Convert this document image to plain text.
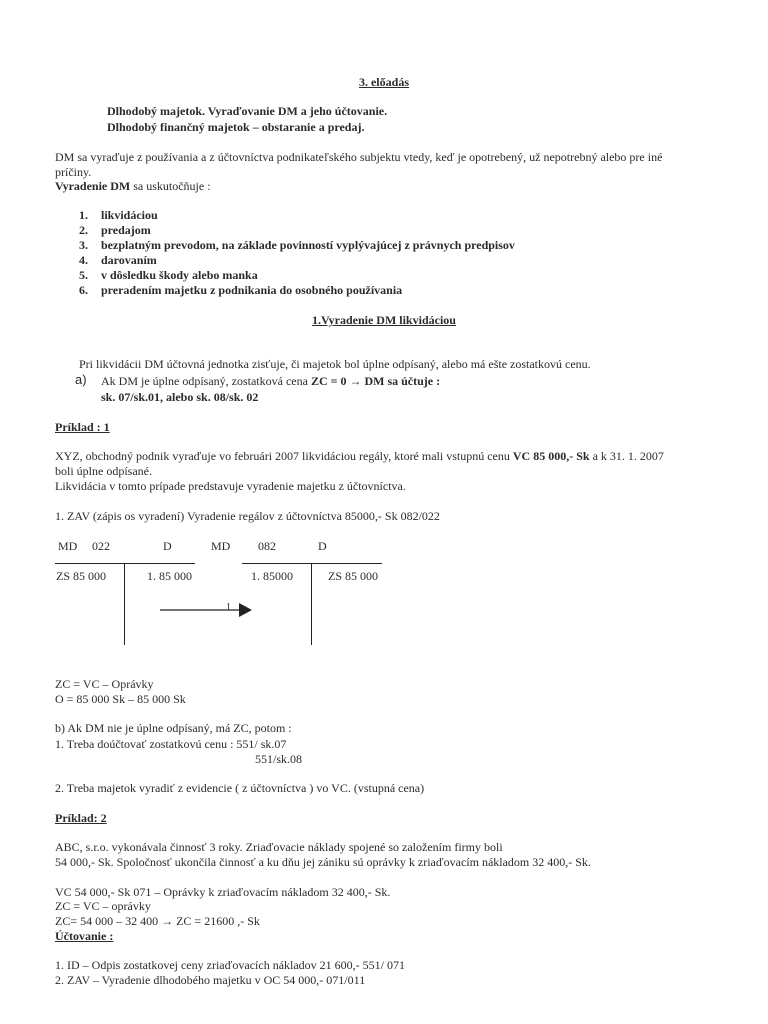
3. előadás
Dlhodobý majetok. Vyraďovanie DM a jeho účtovanie.
Dlhodobý finančný majetok – obstaranie a predaj.
DM sa vyraďuje z používania a z účtovníctva podnikateľského subjektu vtedy, keď je opotrebený, už nepotrebný alebo pre iné
príčiny.
Vyradenie DM sa uskutočňuje :
1. likvidáciou
2. predajom
3. bezplatným prevodom, na základe povinností vyplývajúcej z právnych predpisov
4. darovaním
5. v dôsledku škody alebo manka
6. preradením majetku z podnikania do osobného používania
1.Vyradenie DM likvidáciou
Pri likvidácii DM účtovná jednotka zisťuje, či majetok bol úplne odpísaný, alebo má ešte zostatkovú cenu.
a) Ak DM je úplne odpísaný, zostatková cena ZC = 0 → DM sa účtuje :
sk. 07/sk.01, alebo sk. 08/sk. 02
Príklad : 1
XYZ, obchodný podnik vyraďuje vo februári 2007 likvidáciou regály, ktoré mali vstupnú cenu VC 85 000,- Sk a k 31. 1. 2007
boli úplne odpísané.
Likvidácia v tomto prípade predstavuje vyradenie majetku z účtovníctva.
1. ZAV (zápis os vyradení) Vyradenie regálov z účtovníctva 85000,- Sk 082/022
MD 022	D
ZS 85 000	1. 85 000
MD 082	D
1. 85000	ZS 85 000
1
ZC = VC – Oprávky
O = 85 000 Sk – 85 000 Sk
b) Ak DM nie je úplne odpísaný, má ZC, potom :
1. Treba doúčtovať zostatkovú cenu : 551/ sk.07
551/sk.08
2. Treba majetok vyradiť z evidencie ( z účtovníctva ) vo VC. (vstupná cena)
Príklad: 2
ABC, s.r.o. vykonávala činnosť 3 roky. Zriaďovacie náklady spojené so založením firmy boli
54 000,- Sk. Spoločnosť ukončila činnosť a ku dňu jej zániku sú oprávky k zriaďovacím nákladom 32 400,- Sk.
VC 54 000,- Sk 071 – Oprávky k zriaďovacím nákladom 32 400,- Sk.
ZC = VC – oprávky
ZC= 54 000 – 32 400 → ZC = 21600 ,- Sk
Účtovanie :
1. ID – Odpis zostatkovej ceny zriaďovacích nákladov 21 600,- 551/ 071
2. ZAV – Vyradenie dlhodobého majetku v OC 54 000,- 071/011
